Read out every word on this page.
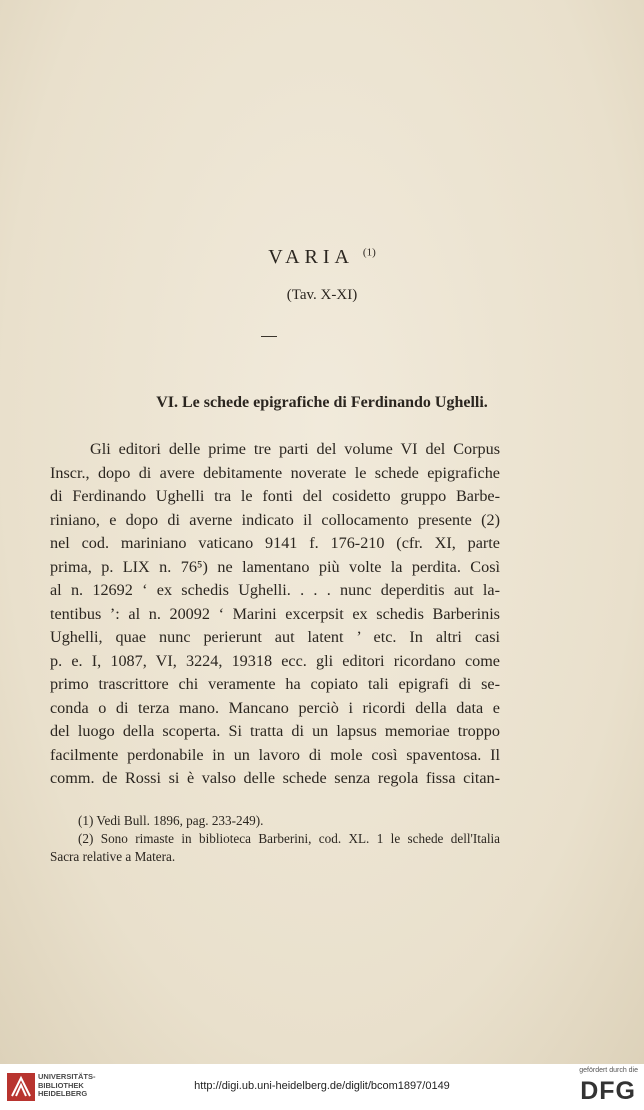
VARIA $^{(1)}$
(Tav. X-XI)
VI. Le schede epigrafiche di Ferdinando Ughelli.
Gli editori delle prime tre parti del volume VI del Corpus
Inscr., dopo di avere debitamente noverate le schede epigrafiche
di Ferdinando Ughelli tra le fonti del cosidetto gruppo Barbe-
riniano, e dopo di averne indicato il collocamento presente (2)
nel cod. mariniano vaticano 9141 f. 176-210 (cfr. XI, parte
prima, p. LIX n. 76⁵) ne lamentano più volte la perdita. Così
al n. 12692 ‘ ex schedis Ughelli. . . . nunc deperditis aut la-
tentibus ’: al n. 20092 ‘ Marini excerpsit ex schedis Barberinis
Ughelli, quae nunc perierunt aut latent ’ etc. In altri casi
p. e. I, 1087, VI, 3224, 19318 ecc. gli editori ricordano come
primo trascrittore chi veramente ha copiato tali epigrafi di se-
conda o di terza mano. Mancano perciò i ricordi della data e
del luogo della scoperta. Si tratta di un lapsus memoriae troppo
facilmente perdonabile in un lavoro di mole così spaventosa. Il
comm. de Rossi si è valso delle schede senza regola fissa citan-
(1) Vedi Bull. 1896, pag. 233-249).
(2) Sono rimaste in biblioteca Barberini, cod. XL. 1 le schede dell'Italia
Sacra relative a Matera.
UNIVERSITÄTS-
BIBLIOTHEK
HEIDELBERG
http://digi.ub.uni-heidelberg.de/diglit/bcom1897/0149
gefördert durch die
DFG
